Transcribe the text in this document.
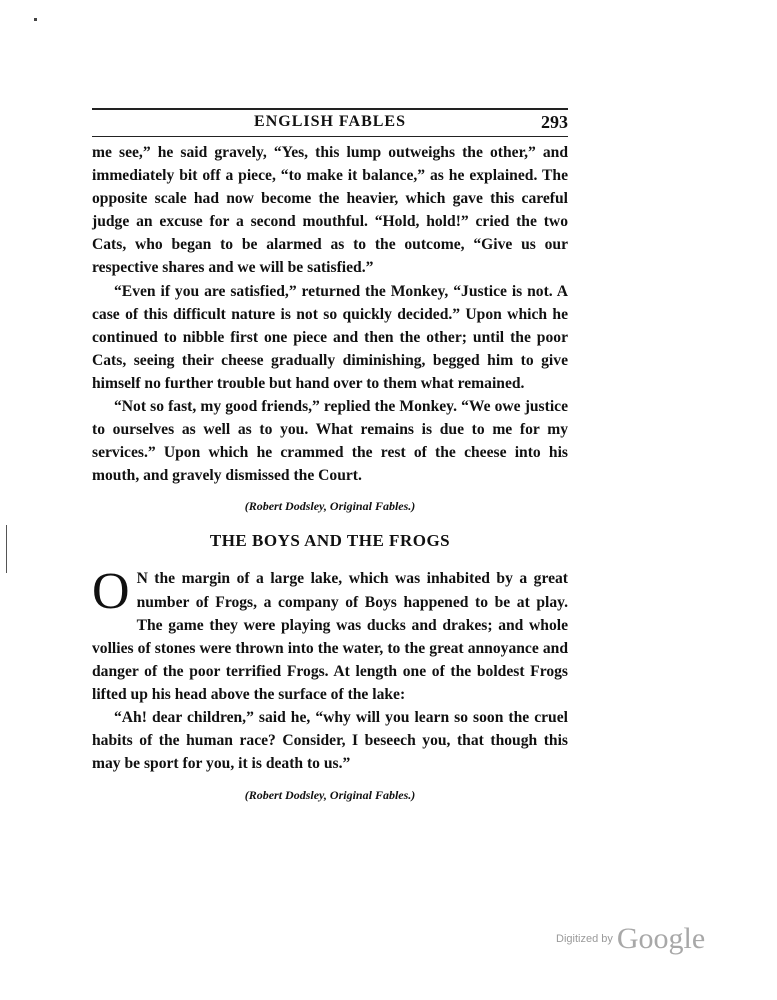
ENGLISH FABLES	293

me see,” he said gravely, “Yes, this lump outweighs the other,” and immediately bit off a piece, “to make it balance,” as he explained. The opposite scale had now become the heavier, which gave this careful judge an excuse for a second mouthful. “Hold, hold!” cried the two Cats, who began to be alarmed as to the outcome, “Give us our respective shares and we will be satisfied.”

“Even if you are satisfied,” returned the Monkey, “Justice is not. A case of this difficult nature is not so quickly decided.” Upon which he continued to nibble first one piece and then the other; until the poor Cats, seeing their cheese gradually diminishing, begged him to give himself no further trouble but hand over to them what remained.

“Not so fast, my good friends,” replied the Monkey. “We owe justice to ourselves as well as to you. What remains is due to me for my services.” Upon which he crammed the rest of the cheese into his mouth, and gravely dismissed the Court.

(Robert Dodsley, Original Fables.)
THE BOYS AND THE FROGS

O N the margin of a large lake, which was inhabited by a great number of Frogs, a company of Boys happened to be at play. The game they were playing was ducks and drakes; and whole vollies of stones were thrown into the water, to the great annoyance and danger of the poor terrified Frogs. At length one of the boldest Frogs lifted up his head above the surface of the lake:

“Ah! dear children,” said he, “why will you learn so soon the cruel habits of the human race? Consider, I beseech you, that though this may be sport for you, it is death to us.”

(Robert Dodsley, Original Fables.)
Digitized by Google
